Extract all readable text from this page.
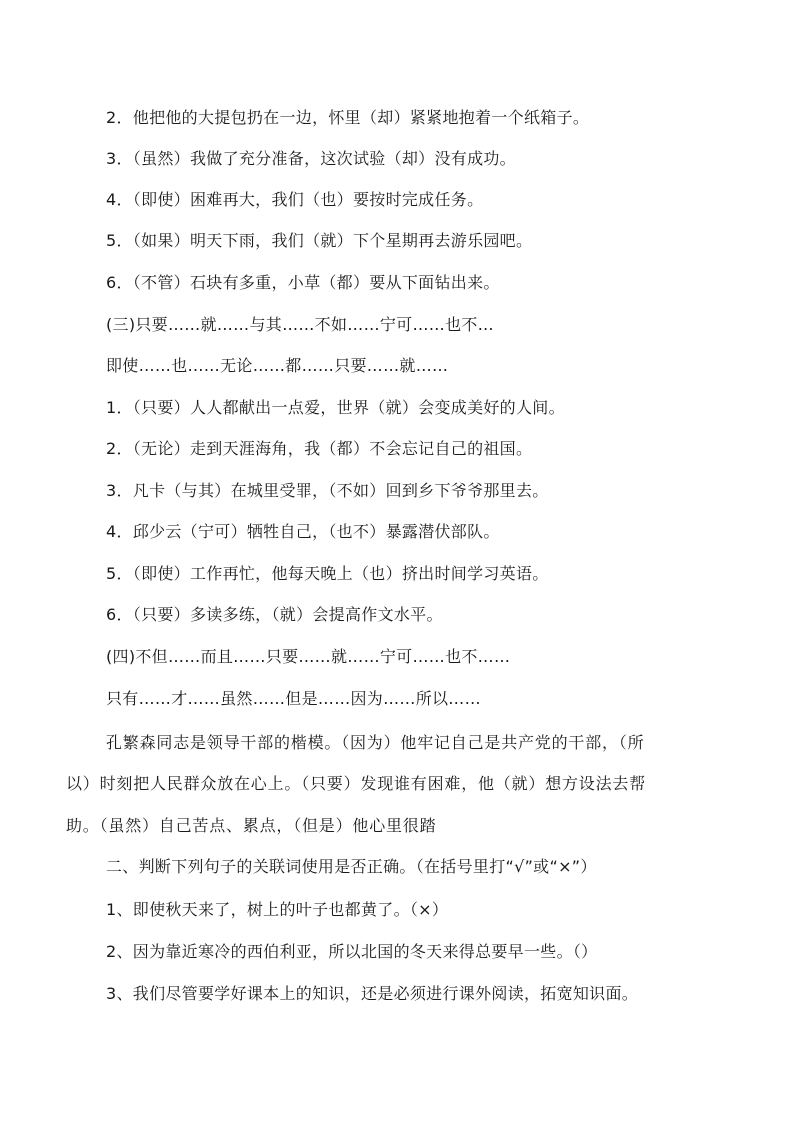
2．他把他的大提包扔在一边，怀里（却）紧紧地抱着一个纸箱子。
3．（虽然）我做了充分准备，这次试验（却）没有成功。
4．（即使）困难再大，我们（也）要按时完成任务。
5．（如果）明天下雨，我们（就）下个星期再去游乐园吧。
6．（不管）石块有多重，小草（都）要从下面钻出来。
(三)只要……就……与其……不如……宁可……也不…
即使……也……无论……都……只要……就……
1．（只要）人人都献出一点爱，世界（就）会变成美好的人间。
2．（无论）走到天涯海角，我（都）不会忘记自己的祖国。
3．凡卡（与其）在城里受罪，（不如）回到乡下爷爷那里去。
4．邱少云（宁可）牺牲自己，（也不）暴露潜伏部队。
5．（即使）工作再忙，他每天晚上（也）挤出时间学习英语。
6．（只要）多读多练，（就）会提高作文水平。
(四)不但……而且……只要……就……宁可……也不……
只有……才……虽然……但是……因为……所以……
孔繁森同志是领导干部的楷模。（因为）他牢记自己是共产党的干部，（所
以）时刻把人民群众放在心上。（只要）发现谁有困难，他（就）想方设法去帮
助。（虽然）自己苦点、累点，（但是）他心里很踏
二、判断下列句子的关联词使用是否正确。（在括号里打“√”或“×”）
1、即使秋天来了，树上的叶子也都黄了。（×）
2、因为靠近寒冷的西伯利亚，所以北国的冬天来得总要早一些。（）
3、我们尽管要学好课本上的知识，还是必须进行课外阅读，拓宽知识面。
